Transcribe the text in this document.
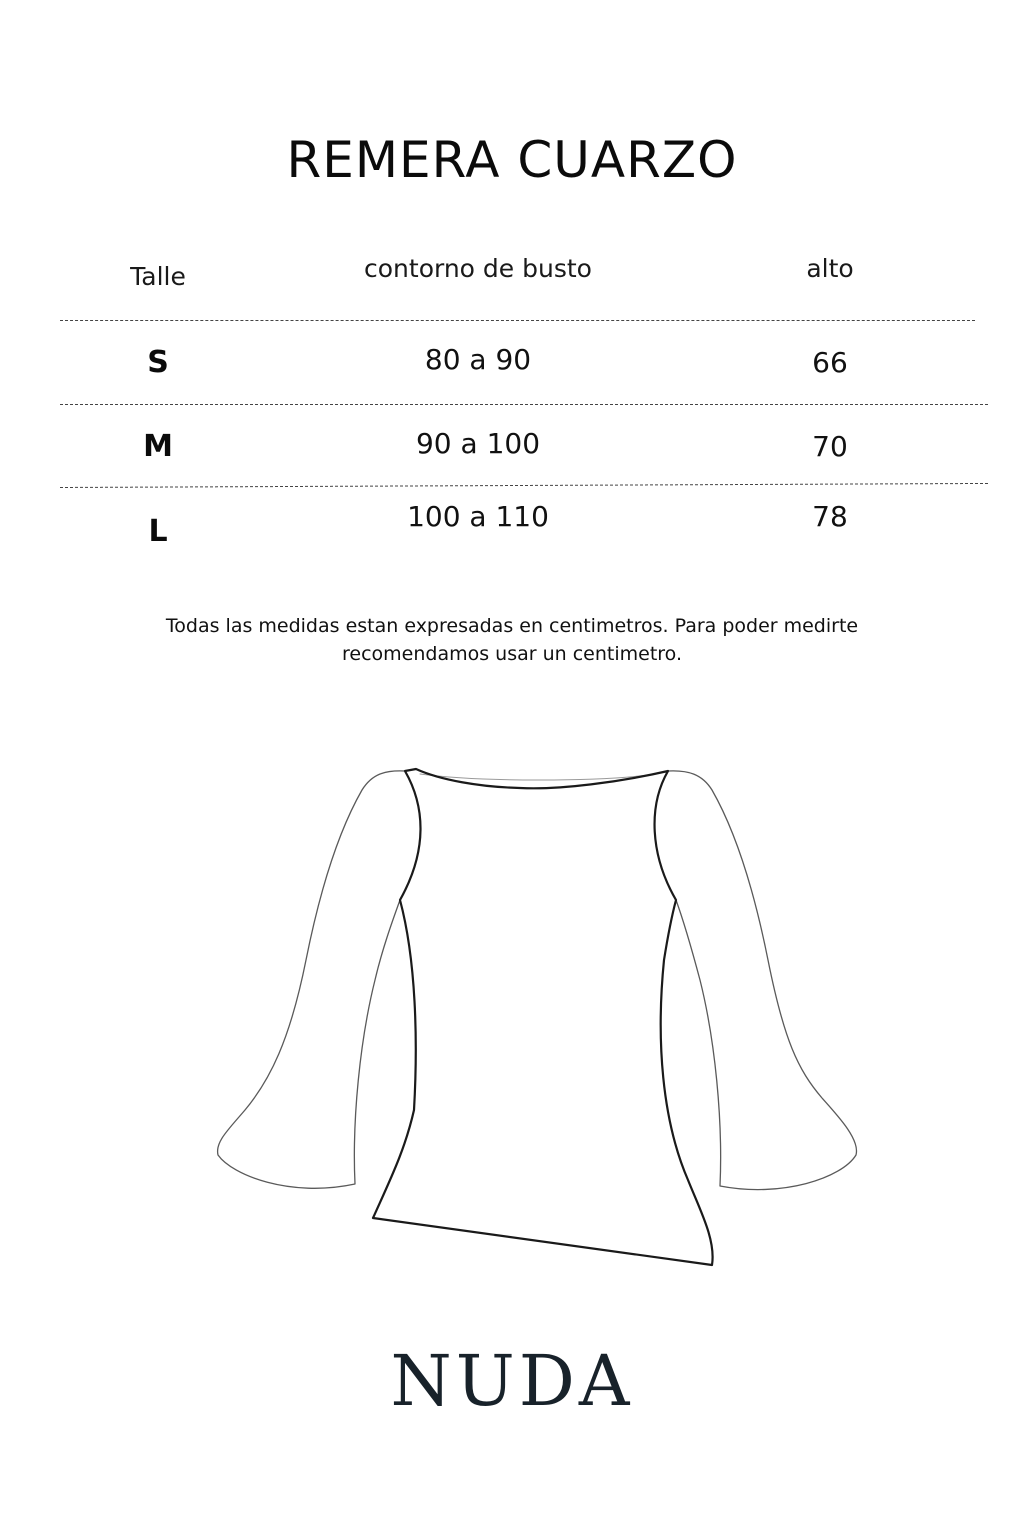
REMERA CUARZO
Talle	contorno de busto	alto
S	80 a 90	66
M	90 a 100	70
L	100 a 110	78
Todas las medidas estan expresadas en centimetros. Para poder medirte
recomendamos usar un centimetro.
NUDA
